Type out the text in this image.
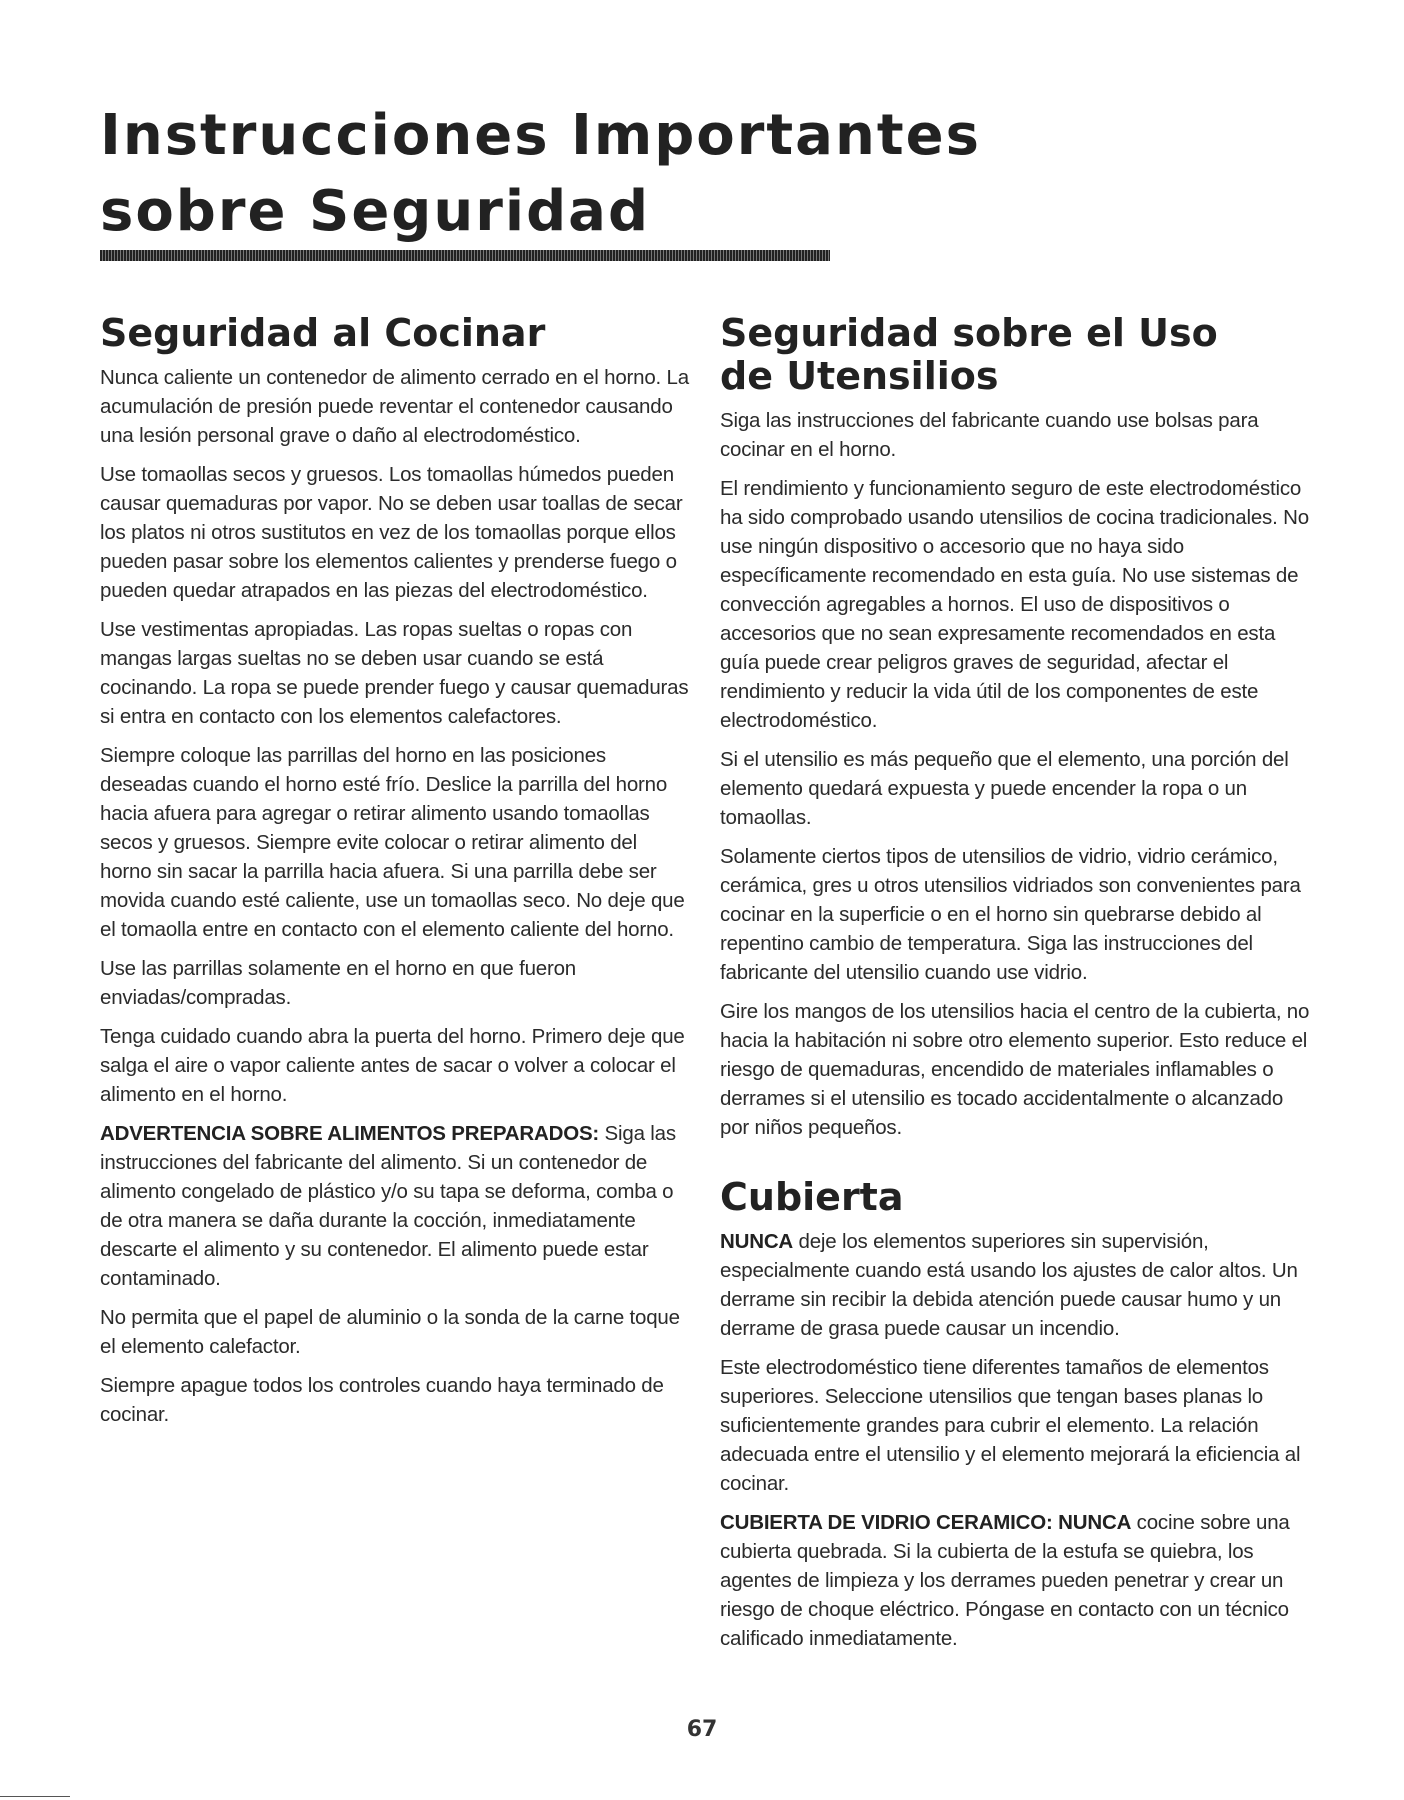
Instrucciones Importantes
sobre Seguridad
Seguridad al Cocinar

Nunca caliente un contenedor de alimento cerrado en el horno. La acumulación de presión puede reventar el contenedor causando una lesión personal grave o daño al electrodoméstico.

Use tomaollas secos y gruesos. Los tomaollas húmedos pueden causar quemaduras por vapor. No se deben usar toallas de secar los platos ni otros sustitutos en vez de los tomaollas porque ellos pueden pasar sobre los elementos calientes y prenderse fuego o pueden quedar atrapados en las piezas del electrodoméstico.

Use vestimentas apropiadas. Las ropas sueltas o ropas con mangas largas sueltas no se deben usar cuando se está cocinando. La ropa se puede prender fuego y causar quemaduras si entra en contacto con los elementos calefactores.

Siempre coloque las parrillas del horno en las posiciones deseadas cuando el horno esté frío. Deslice la parrilla del horno hacia afuera para agregar o retirar alimento usando tomaollas secos y gruesos. Siempre evite colocar o retirar alimento del horno sin sacar la parrilla hacia afuera. Si una parrilla debe ser movida cuando esté caliente, use un tomaollas seco. No deje que el tomaolla entre en contacto con el elemento caliente del horno.

Use las parrillas solamente en el horno en que fueron enviadas/compradas.

Tenga cuidado cuando abra la puerta del horno. Primero deje que salga el aire o vapor caliente antes de sacar o volver a colocar el alimento en el horno.

ADVERTENCIA SOBRE ALIMENTOS PREPARADOS: Siga las instrucciones del fabricante del alimento. Si un contenedor de alimento congelado de plástico y/o su tapa se deforma, comba o de otra manera se daña durante la cocción, inmediatamente descarte el alimento y su contenedor. El alimento puede estar contaminado.

No permita que el papel de aluminio o la sonda de la carne toque el elemento calefactor.

Siempre apague todos los controles cuando haya terminado de cocinar.

Seguridad sobre el Uso
de Utensilios

Siga las instrucciones del fabricante cuando use bolsas para cocinar en el horno.

El rendimiento y funcionamiento seguro de este electrodoméstico ha sido comprobado usando utensilios de cocina tradicionales. No use ningún dispositivo o accesorio que no haya sido específicamente recomendado en esta guía. No use sistemas de convección agregables a hornos. El uso de dispositivos o accesorios que no sean expresamente recomendados en esta guía puede crear peligros graves de seguridad, afectar el rendimiento y reducir la vida útil de los componentes de este electrodoméstico.

Si el utensilio es más pequeño que el elemento, una porción del elemento quedará expuesta y puede encender la ropa o un tomaollas.

Solamente ciertos tipos de utensilios de vidrio, vidrio cerámico, cerámica, gres u otros utensilios vidriados son convenientes para cocinar en la superficie o en el horno sin quebrarse debido al repentino cambio de temperatura. Siga las instrucciones del fabricante del utensilio cuando use vidrio.

Gire los mangos de los utensilios hacia el centro de la cubierta, no hacia la habitación ni sobre otro elemento superior. Esto reduce el riesgo de quemaduras, encendido de materiales inflamables o derrames si el utensilio es tocado accidentalmente o alcanzado por niños pequeños.

Cubierta

NUNCA deje los elementos superiores sin supervisión, especialmente cuando está usando los ajustes de calor altos. Un derrame sin recibir la debida atención puede causar humo y un derrame de grasa puede causar un incendio.

Este electrodoméstico tiene diferentes tamaños de elementos superiores. Seleccione utensilios que tengan bases planas lo suficientemente grandes para cubrir el elemento. La relación adecuada entre el utensilio y el elemento mejorará la eficiencia al cocinar.

CUBIERTA DE VIDRIO CERAMICO: NUNCA cocine sobre una cubierta quebrada. Si la cubierta de la estufa se quiebra, los agentes de limpieza y los derrames pueden penetrar y crear un riesgo de choque eléctrico. Póngase en contacto con un técnico calificado inmediatamente.

67
